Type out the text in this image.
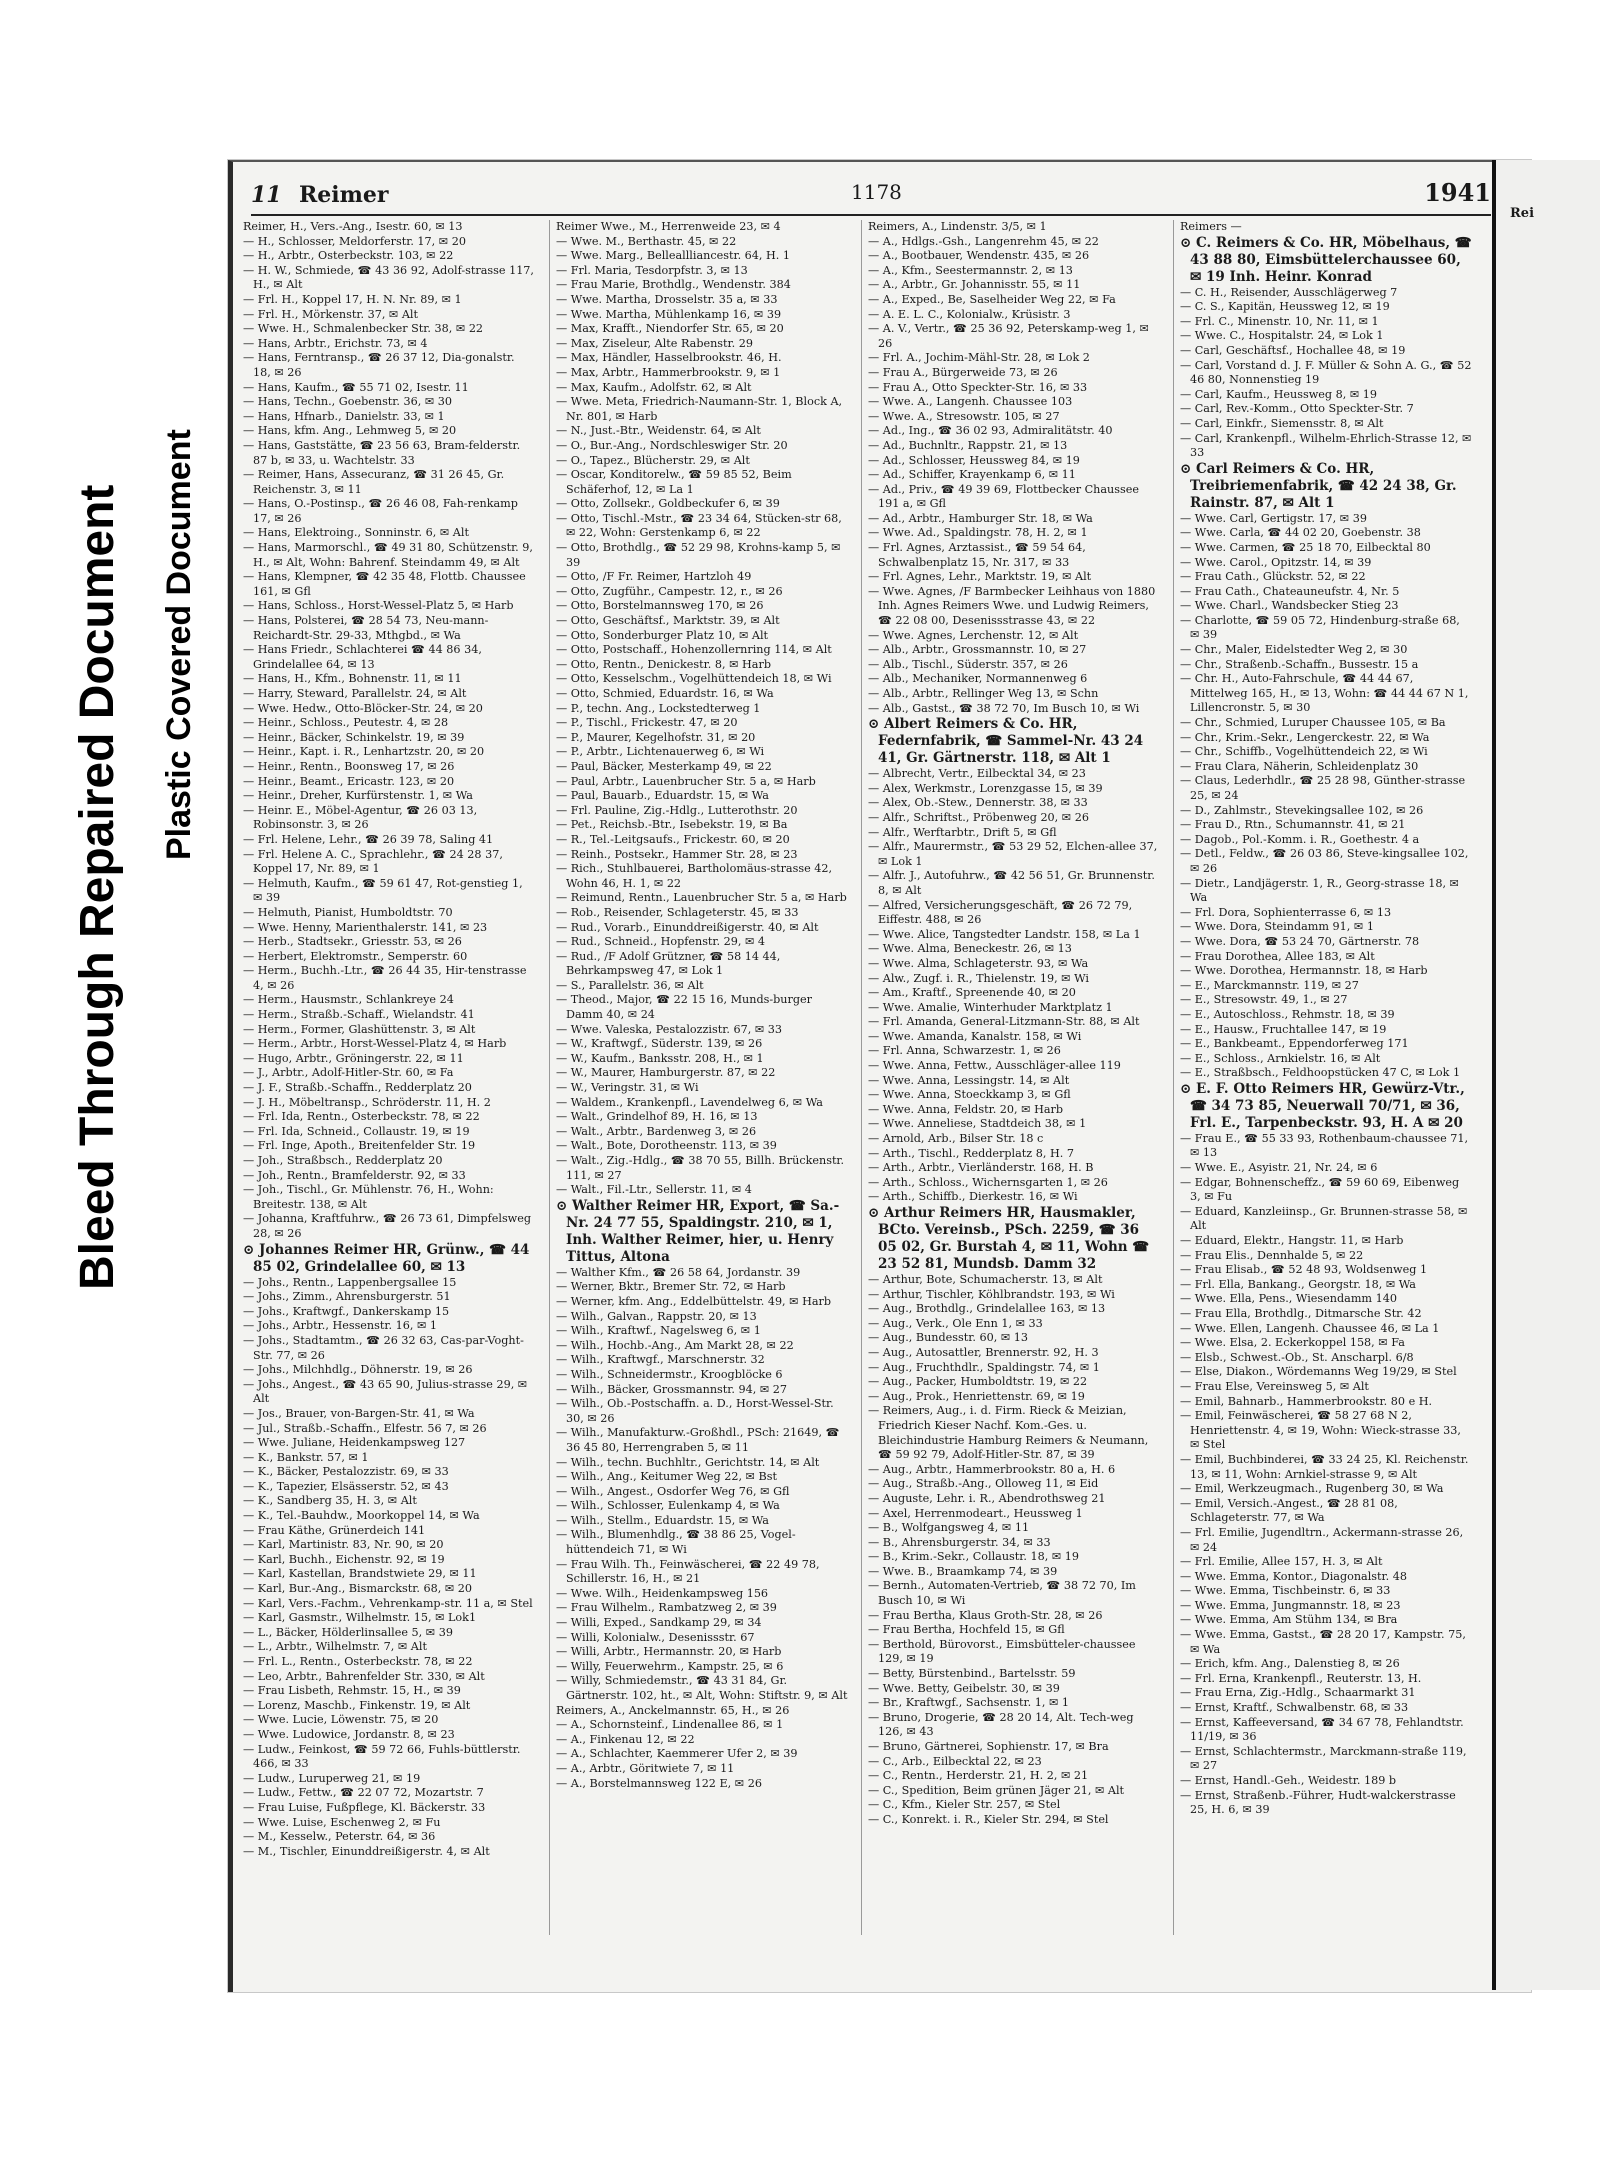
Bleed Through Repaired Document Plastic Covered Document
11 Reimer	1178	1941

Reimer, H., Vers.-Ang., Isestr. 60, ✉ 13

— H., Schlosser, Meldorferstr. 17, ✉ 20

— H., Arbtr., Osterbeckstr. 103, ✉ 22

— H. W., Schmiede, ☎ 43 36 92, Adolf-strasse 117, H., ✉ Alt

— Frl. H., Koppel 17, H. N. Nr. 89, ✉ 1

— Frl. H., Mörkenstr. 37, ✉ Alt

— Wwe. H., Schmalenbecker Str. 38, ✉ 22

— Hans, Arbtr., Erichstr. 73, ✉ 4

— Hans, Ferntransp., ☎ 26 37 12, Dia-gonalstr. 18, ✉ 26

— Hans, Kaufm., ☎ 55 71 02, Isestr. 11

— Hans, Techn., Goebenstr. 36, ✉ 30

— Hans, Hfnarb., Danielstr. 33, ✉ 1

— Hans, kfm. Ang., Lehmweg 5, ✉ 20

— Hans, Gaststätte, ☎ 23 56 63, Bram-felderstr. 87 b, ✉ 33, u. Wachtelstr. 33

— Reimer, Hans, Assecuranz, ☎ 31 26 45, Gr. Reichenstr. 3, ✉ 11

— Hans, O.-Postinsp., ☎ 26 46 08, Fah-renkamp 17, ✉ 26

— Hans, Elektroing., Sonninstr. 6, ✉ Alt

— Hans, Marmorschl., ☎ 49 31 80, Schützenstr. 9, H., ✉ Alt, Wohn: Bahrenf. Steindamm 49, ✉ Alt

— Hans, Klempner, ☎ 42 35 48, Flottb. Chaussee 161, ✉ Gfl

— Hans, Schloss., Horst-Wessel-Platz 5, ✉ Harb

— Hans, Polsterei, ☎ 28 54 73, Neu-mann-Reichardt-Str. 29-33, Mthgbd., ✉ Wa

— Hans Friedr., Schlachterei ☎ 44 86 34, Grindelallee 64, ✉ 13

— Hans, H., Kfm., Bohnenstr. 11, ✉ 11

— Harry, Steward, Parallelstr. 24, ✉ Alt

— Wwe. Hedw., Otto-Blöcker-Str. 24, ✉ 20

— Heinr., Schloss., Peutestr. 4, ✉ 28

— Heinr., Bäcker, Schinkelstr. 19, ✉ 39

— Heinr., Kapt. i. R., Lenhartzstr. 20, ✉ 20

— Heinr., Rentn., Boonsweg 17, ✉ 26

— Heinr., Beamt., Ericastr. 123, ✉ 20

— Heinr., Dreher, Kurfürstenstr. 1, ✉ Wa

— Heinr. E., Möbel-Agentur, ☎ 26 03 13, Robinsonstr. 3, ✉ 26

— Frl. Helene, Lehr., ☎ 26 39 78, Saling 41

— Frl. Helene A. C., Sprachlehr., ☎ 24 28 37, Koppel 17, Nr. 89, ✉ 1

— Helmuth, Kaufm., ☎ 59 61 47, Rot-genstieg 1, ✉ 39

— Helmuth, Pianist, Humboldtstr. 70

— Wwe. Henny, Marienthalerstr. 141, ✉ 23

— Herb., Stadtsekr., Griesstr. 53, ✉ 26

— Herbert, Elektromstr., Semperstr. 60

— Herm., Buchh.-Ltr., ☎ 26 44 35, Hir-tenstrasse 4, ✉ 26

— Herm., Hausmstr., Schlankreye 24

— Herm., Straßb.-Schaff., Wielandstr. 41

— Herm., Former, Glashüttenstr. 3, ✉ Alt

— Herm., Arbtr., Horst-Wessel-Platz 4, ✉ Harb

— Hugo, Arbtr., Gröningerstr. 22, ✉ 11

— J., Arbtr., Adolf-Hitler-Str. 60, ✉ Fa

— J. F., Straßb.-Schaffn., Redderplatz 20

— J. H., Möbeltransp., Schröderstr. 11, H. 2

— Frl. Ida, Rentn., Osterbeckstr. 78, ✉ 22

— Frl. Ida, Schneid., Collaustr. 19, ✉ 19

— Frl. Inge, Apoth., Breitenfelder Str. 19

— Joh., Straßbsch., Redderplatz 20

— Joh., Rentn., Bramfelderstr. 92, ✉ 33

— Joh., Tischl., Gr. Mühlenstr. 76, H., Wohn: Breitestr. 138, ✉ Alt

— Johanna, Kraftfuhrw., ☎ 26 73 61, Dimpfelsweg 28, ✉ 26

⊙ Johannes Reimer HR, Grünw., ☎ 44 85 02, Grindelallee 60, ✉ 13

— Johs., Rentn., Lappenbergsallee 15

— Johs., Zimm., Ahrensburgerstr. 51

— Johs., Kraftwgf., Dankerskamp 15

— Johs., Arbtr., Hessenstr. 16, ✉ 1

— Johs., Stadtamtm., ☎ 26 32 63, Cas-par-Voght-Str. 77, ✉ 26

— Johs., Milchhdlg., Döhnerstr. 19, ✉ 26

— Johs., Angest., ☎ 43 65 90, Julius-strasse 29, ✉ Alt

— Jos., Brauer, von-Bargen-Str. 41, ✉ Wa

— Jul., Straßb.-Schaffn., Elfestr. 56 7, ✉ 26

— Wwe. Juliane, Heidenkampsweg 127

— K., Bankstr. 57, ✉ 1

— K., Bäcker, Pestalozzistr. 69, ✉ 33

— K., Tapezier, Elsässerstr. 52, ✉ 43

— K., Sandberg 35, H. 3, ✉ Alt

— K., Tel.-Bauhdw., Moorkoppel 14, ✉ Wa

— Frau Käthe, Grünerdeich 141

— Karl, Martinistr. 83, Nr. 90, ✉ 20

— Karl, Buchh., Eichenstr. 92, ✉ 19

— Karl, Kastellan, Brandstwiete 29, ✉ 11

— Karl, Bur.-Ang., Bismarckstr. 68, ✉ 20

— Karl, Vers.-Fachm., Vehrenkamp-str. 11 a, ✉ Stel

— Karl, Gasmstr., Wilhelmstr. 15, ✉ Lok1

— L., Bäcker, Hölderlinsallee 5, ✉ 39

— L., Arbtr., Wilhelmstr. 7, ✉ Alt

— Frl. L., Rentn., Osterbeckstr. 78, ✉ 22

— Leo, Arbtr., Bahrenfelder Str. 330, ✉ Alt

— Frau Lisbeth, Rehmstr. 15, H., ✉ 39

— Lorenz, Maschb., Finkenstr. 19, ✉ Alt

— Wwe. Lucie, Löwenstr. 75, ✉ 20

— Wwe. Ludowice, Jordanstr. 8, ✉ 23

— Ludw., Feinkost, ☎ 59 72 66, Fuhls-büttlerstr. 466, ✉ 33

— Ludw., Luruperweg 21, ✉ 19

— Ludw., Fettw., ☎ 22 07 72, Mozartstr. 7

— Frau Luise, Fußpflege, Kl. Bäckerstr. 33

— Wwe. Luise, Eschenweg 2, ✉ Fu

— M., Kesselw., Peterstr. 64, ✉ 36

— M., Tischler, Einunddreißigerstr. 4, ✉ Alt

Reimer Wwe., M., Herrenweide 23, ✉ 4

— Wwe. M., Berthastr. 45, ✉ 22

— Wwe. Marg., Belleallliancestr. 64, H. 1

— Frl. Maria, Tesdorpfstr. 3, ✉ 13

— Frau Marie, Brothdlg., Wendenstr. 384

— Wwe. Martha, Drosselstr. 35 a, ✉ 33

— Wwe. Martha, Mühlenkamp 16, ✉ 39

— Max, Krafft., Niendorfer Str. 65, ✉ 20

— Max, Ziseleur, Alte Rabenstr. 29

— Max, Händler, Hasselbrookstr. 46, H.

— Max, Arbtr., Hammerbrookstr. 9, ✉ 1

— Max, Kaufm., Adolfstr. 62, ✉ Alt

— Wwe. Meta, Friedrich-Naumann-Str. 1, Block A, Nr. 801, ✉ Harb

— N., Just.-Btr., Weidenstr. 64, ✉ Alt

— O., Bur.-Ang., Nordschleswiger Str. 20

— O., Tapez., Blücherstr. 29, ✉ Alt

— Oscar, Konditorelw., ☎ 59 85 52, Beim Schäferhof, 12, ✉ La 1

— Otto, Zollsekr., Goldbeckufer 6, ✉ 39

— Otto, Tischl.-Mstr., ☎ 23 34 64, Stücken-str 68, ✉ 22, Wohn: Gerstenkamp 6, ✉ 22

— Otto, Brothdlg., ☎ 52 29 98, Krohns-kamp 5, ✉ 39

— Otto, ∕F Fr. Reimer, Hartzloh 49

— Otto, Zugführ., Campestr. 12, r., ✉ 26

— Otto, Borstelmannsweg 170, ✉ 26

— Otto, Geschäftsf., Marktstr. 39, ✉ Alt

— Otto, Sonderburger Platz 10, ✉ Alt

— Otto, Postschaff., Hohenzollernring 114, ✉ Alt

— Otto, Rentn., Denickestr. 8, ✉ Harb

— Otto, Kesselschm., Vogelhüttendeich 18, ✉ Wi

— Otto, Schmied, Eduardstr. 16, ✉ Wa

— P., techn. Ang., Lockstedterweg 1

— P., Tischl., Frickestr. 47, ✉ 20

— P., Maurer, Kegelhofstr. 31, ✉ 20

— P., Arbtr., Lichtenauerweg 6, ✉ Wi

— Paul, Bäcker, Mesterkamp 49, ✉ 22

— Paul, Arbtr., Lauenbrucher Str. 5 a, ✉ Harb

— Paul, Bauarb., Eduardstr. 15, ✉ Wa

— Frl. Pauline, Zig.-Hdlg., Lutterothstr. 20

— Pet., Reichsb.-Btr., Isebekstr. 19, ✉ Ba

— R., Tel.-Leitgsaufs., Frickestr. 60, ✉ 20

— Reinh., Postsekr., Hammer Str. 28, ✉ 23

— Rich., Stuhlbauerei, Bartholomäus-strasse 42, Wohn 46, H. 1, ✉ 22

— Reimund, Rentn., Lauenbrucher Str. 5 a, ✉ Harb

— Rob., Reisender, Schlageterstr. 45, ✉ 33

— Rud., Vorarb., Einunddreißigerstr. 40, ✉ Alt

— Rud., Schneid., Hopfenstr. 29, ✉ 4

— Rud., ∕F Adolf Grützner, ☎ 58 14 44, Behrkampsweg 47, ✉ Lok 1

— S., Parallelstr. 36, ✉ Alt

— Theod., Major, ☎ 22 15 16, Munds-burger Damm 40, ✉ 24

— Wwe. Valeska, Pestalozzistr. 67, ✉ 33

— W., Kraftwgf., Süderstr. 139, ✉ 26

— W., Kaufm., Banksstr. 208, H., ✉ 1

— W., Maurer, Hamburgerstr. 87, ✉ 22

— W., Veringstr. 31, ✉ Wi

— Waldem., Krankenpfl., Lavendelweg 6, ✉ Wa

— Walt., Grindelhof 89, H. 16, ✉ 13

— Walt., Arbtr., Bardenweg 3, ✉ 26

— Walt., Bote, Dorotheenstr. 113, ✉ 39

— Walt., Zig.-Hdlg., ☎ 38 70 55, Billh. Brückenstr. 111, ✉ 27

— Walt., Fil.-Ltr., Sellerstr. 11, ✉ 4

⊙ Walther Reimer HR, Export, ☎ Sa.-Nr. 24 77 55, Spaldingstr. 210, ✉ 1, Inh. Walther Reimer, hier, u. Henry Tittus, Altona

— Walther Kfm., ☎ 26 58 64, Jordanstr. 39

— Werner, Bktr., Bremer Str. 72, ✉ Harb

— Werner, kfm. Ang., Eddelbüttelstr. 49, ✉ Harb

— Wilh., Galvan., Rappstr. 20, ✉ 13

— Wilh., Kraftwf., Nagelsweg 6, ✉ 1

— Wilh., Hochb.-Ang., Am Markt 28, ✉ 22

— Wilh., Kraftwgf., Marschnerstr. 32

— Wilh., Schneidermstr., Kroogblöcke 6

— Wilh., Bäcker, Grossmannstr. 94, ✉ 27

— Wilh., Ob.-Postschaffn. a. D., Horst-Wessel-Str. 30, ✉ 26

— Wilh., Manufakturw.-Großhdl., PSch: 21649, ☎ 36 45 80, Herrengraben 5, ✉ 11

— Wilh., techn. Buchhltr., Gerichtstr. 14, ✉ Alt

— Wilh., Ang., Keitumer Weg 22, ✉ Bst

— Wilh., Angest., Osdorfer Weg 76, ✉ Gfl

— Wilh., Schlosser, Eulenkamp 4, ✉ Wa

— Wilh., Stellm., Eduardstr. 15, ✉ Wa

— Wilh., Blumenhdlg., ☎ 38 86 25, Vogel-hüttendeich 71, ✉ Wi

— Frau Wilh. Th., Feinwäscherei, ☎ 22 49 78, Schillerstr. 16, H., ✉ 21

— Wwe. Wilh., Heidenkampsweg 156

— Frau Wilhelm., Rambatzweg 2, ✉ 39

— Willi, Exped., Sandkamp 29, ✉ 34

— Willi, Kolonialw., Desenissstr. 67

— Willi, Arbtr., Hermannstr. 20, ✉ Harb

— Willy, Feuerwehrm., Kampstr. 25, ✉ 6

— Willy, Schmiedemstr., ☎ 43 31 84, Gr. Gärtnerstr. 102, ht., ✉ Alt, Wohn: Stiftstr. 9, ✉ Alt

Reimers, A., Anckelmannstr. 65, H., ✉ 26

— A., Schornsteinf., Lindenallee 86, ✉ 1

— A., Finkenau 12, ✉ 22

— A., Schlachter, Kaemmerer Ufer 2, ✉ 39

— A., Arbtr., Göritwiete 7, ✉ 11

— A., Borstelmannsweg 122 E, ✉ 26

Reimers, A., Lindenstr. 3/5, ✉ 1

— A., Hdlgs.-Gsh., Langenrehm 45, ✉ 22

— A., Bootbauer, Wendenstr. 435, ✉ 26

— A., Kfm., Seestermannstr. 2, ✉ 13

— A., Arbtr., Gr. Johannisstr. 55, ✉ 11

— A., Exped., Be, Saselheider Weg 22, ✉ Fa

— A. E. L. C., Kolonialw., Krüsistr. 3

— A. V., Vertr., ☎ 25 36 92, Peterskamp-weg 1, ✉ 26

— Frl. A., Jochim-Mähl-Str. 28, ✉ Lok 2

— Frau A., Bürgerweide 73, ✉ 26

— Frau A., Otto Speckter-Str. 16, ✉ 33

— Wwe. A., Langenh. Chaussee 103

— Wwe. A., Stresowstr. 105, ✉ 27

— Ad., Ing., ☎ 36 02 93, Admiralitätstr. 40

— Ad., Buchnltr., Rappstr. 21, ✉ 13

— Ad., Schlosser, Heussweg 84, ✉ 19

— Ad., Schiffer, Krayenkamp 6, ✉ 11

— Ad., Priv., ☎ 49 39 69, Flottbecker Chaussee 191 a, ✉ Gfl

— Ad., Arbtr., Hamburger Str. 18, ✉ Wa

— Wwe. Ad., Spaldingstr. 78, H. 2, ✉ 1

— Frl. Agnes, Arztassist., ☎ 59 54 64, Schwalbenplatz 15, Nr. 317, ✉ 33

— Frl. Agnes, Lehr., Marktstr. 19, ✉ Alt

— Wwe. Agnes, ∕F Barmbecker Leihhaus von 1880 Inh. Agnes Reimers Wwe. und Ludwig Reimers, ☎ 22 08 00, Desenissstrasse 43, ✉ 22

— Wwe. Agnes, Lerchenstr. 12, ✉ Alt

— Alb., Arbtr., Grossmannstr. 10, ✉ 27

— Alb., Tischl., Süderstr. 357, ✉ 26

— Alb., Mechaniker, Normannenweg 6

— Alb., Arbtr., Rellinger Weg 13, ✉ Schn

— Alb., Gastst., ☎ 38 72 70, Im Busch 10, ✉ Wi

⊙ Albert Reimers & Co. HR, Federnfabrik, ☎ Sammel-Nr. 43 24 41, Gr. Gärtnerstr. 118, ✉ Alt 1

— Albrecht, Vertr., Eilbecktal 34, ✉ 23

— Alex, Werkmstr., Lorenzgasse 15, ✉ 39

— Alex, Ob.-Stew., Dennerstr. 38, ✉ 33

— Alfr., Schriftst., Pröbenweg 20, ✉ 26

— Alfr., Werftarbtr., Drift 5, ✉ Gfl

— Alfr., Maurermstr., ☎ 53 29 52, Elchen-allee 37, ✉ Lok 1

— Alfr. J., Autofuhrw., ☎ 42 56 51, Gr. Brunnenstr. 8, ✉ Alt

— Alfred, Versicherungsgeschäft, ☎ 26 72 79, Eiffestr. 488, ✉ 26

— Wwe. Alice, Tangstedter Landstr. 158, ✉ La 1

— Wwe. Alma, Beneckestr. 26, ✉ 13

— Wwe. Alma, Schlageterstr. 93, ✉ Wa

— Alw., Zugf. i. R., Thielenstr. 19, ✉ Wi

— Am., Kraftf., Spreenende 40, ✉ 20

— Wwe. Amalie, Winterhuder Marktplatz 1

— Frl. Amanda, General-Litzmann-Str. 88, ✉ Alt

— Wwe. Amanda, Kanalstr. 158, ✉ Wi

— Frl. Anna, Schwarzestr. 1, ✉ 26

— Wwe. Anna, Fettw., Ausschläger-allee 119

— Wwe. Anna, Lessingstr. 14, ✉ Alt

— Wwe. Anna, Stoeckkamp 3, ✉ Gfl

— Wwe. Anna, Feldstr. 20, ✉ Harb

— Wwe. Anneliese, Stadtdeich 38, ✉ 1

— Arnold, Arb., Bilser Str. 18 c

— Arth., Tischl., Redderplatz 8, H. 7

— Arth., Arbtr., Vierländerstr. 168, H. B

— Arth., Schloss., Wichernsgarten 1, ✉ 26

— Arth., Schiffb., Dierkestr. 16, ✉ Wi

⊙ Arthur Reimers HR, Hausmakler, BCto. Vereinsb., PSch. 2259, ☎ 36 05 02, Gr. Burstah 4, ✉ 11, Wohn ☎ 23 52 81, Mundsb. Damm 32

— Arthur, Bote, Schumacherstr. 13, ✉ Alt

— Arthur, Tischler, Köhlbrandstr. 193, ✉ Wi

— Aug., Brothdlg., Grindelallee 163, ✉ 13

— Aug., Verk., Ole Enn 1, ✉ 33

— Aug., Bundesstr. 60, ✉ 13

— Aug., Autosattler, Brennerstr. 92, H. 3

— Aug., Fruchthdlr., Spaldingstr. 74, ✉ 1

— Aug., Packer, Humboldtstr. 19, ✉ 22

— Aug., Prok., Henriettenstr. 69, ✉ 19

— Reimers, Aug., i. d. Firm. Rieck & Meizian, Friedrich Kieser Nachf. Kom.-Ges. u. Bleichindustrie Hamburg Reimers & Neumann, ☎ 59 92 79, Adolf-Hitler-Str. 87, ✉ 39

— Aug., Arbtr., Hammerbrookstr. 80 a, H. 6

— Aug., Straßb.-Ang., Olloweg 11, ✉ Eid

— Auguste, Lehr. i. R., Abendrothsweg 21

— Axel, Herrenmodeart., Heussweg 1

— B., Wolfgangsweg 4, ✉ 11

— B., Ahrensburgerstr. 34, ✉ 33

— B., Krim.-Sekr., Collaustr. 18, ✉ 19

— Wwe. B., Braamkamp 74, ✉ 39

— Bernh., Automaten-Vertrieb, ☎ 38 72 70, Im Busch 10, ✉ Wi

— Frau Bertha, Klaus Groth-Str. 28, ✉ 26

— Frau Bertha, Hochfeld 15, ✉ Gfl

— Berthold, Bürovorst., Eimsbütteler-chaussee 129, ✉ 19

— Betty, Bürstenbind., Bartelsstr. 59

— Wwe. Betty, Geibelstr. 30, ✉ 39

— Br., Kraftwgf., Sachsenstr. 1, ✉ 1

— Bruno, Drogerie, ☎ 28 20 14, Alt. Tech-weg 126, ✉ 43

— Bruno, Gärtnerei, Sophienstr. 17, ✉ Bra

— C., Arb., Eilbecktal 22, ✉ 23

— C., Rentn., Herderstr. 21, H. 2, ✉ 21

— C., Spedition, Beim grünen Jäger 21, ✉ Alt

— C., Kfm., Kieler Str. 257, ✉ Stel

— C., Konrekt. i. R., Kieler Str. 294, ✉ Stel

Reimers —

⊙ C. Reimers & Co. HR, Möbelhaus, ☎ 43 88 80, Eimsbüttelerchaussee 60, ✉ 19 Inh. Heinr. Konrad

— C. H., Reisender, Ausschlägerweg 7

— C. S., Kapitän, Heussweg 12, ✉ 19

— Frl. C., Minenstr. 10, Nr. 11, ✉ 1

— Wwe. C., Hospitalstr. 24, ✉ Lok 1

— Carl, Geschäftsf., Hochallee 48, ✉ 19

— Carl, Vorstand d. J. F. Müller & Sohn A. G., ☎ 52 46 80, Nonnenstieg 19

— Carl, Kaufm., Heussweg 8, ✉ 19

— Carl, Rev.-Komm., Otto Speckter-Str. 7

— Carl, Einkfr., Siemensstr. 8, ✉ Alt

— Carl, Krankenpfl., Wilhelm-Ehrlich-Strasse 12, ✉ 33

⊙ Carl Reimers & Co. HR, Treibriemenfabrik, ☎ 42 24 38, Gr. Rainstr. 87, ✉ Alt 1

— Wwe. Carl, Gertigstr. 17, ✉ 39

— Wwe. Carla, ☎ 44 02 20, Goebenstr. 38

— Wwe. Carmen, ☎ 25 18 70, Eilbecktal 80

— Wwe. Carol., Opitzstr. 14, ✉ 39

— Frau Cath., Glückstr. 52, ✉ 22

— Frau Cath., Chateauneufstr. 4, Nr. 5

— Wwe. Charl., Wandsbecker Stieg 23

— Charlotte, ☎ 59 05 72, Hindenburg-straße 68, ✉ 39

— Chr., Maler, Eidelstedter Weg 2, ✉ 30

— Chr., Straßenb.-Schaffn., Bussestr. 15 a

— Chr. H., Auto-Fahrschule, ☎ 44 44 67, Mittelweg 165, H., ✉ 13, Wohn: ☎ 44 44 67 N 1, Lillencronstr. 5, ✉ 30

— Chr., Schmied, Luruper Chaussee 105, ✉ Ba

— Chr., Krim.-Sekr., Lengerckestr. 22, ✉ Wa

— Chr., Schiffb., Vogelhüttendeich 22, ✉ Wi

— Frau Clara, Näherin, Schleidenplatz 30

— Claus, Lederhdlr., ☎ 25 28 98, Günther-strasse 25, ✉ 24

— D., Zahlmstr., Stevekingsallee 102, ✉ 26

— Frau D., Rtn., Schumannstr. 41, ✉ 21

— Dagob., Pol.-Komm. i. R., Goethestr. 4 a

— Detl., Feldw., ☎ 26 03 86, Steve-kingsallee 102, ✉ 26

— Dietr., Landjägerstr. 1, R., Georg-strasse 18, ✉ Wa

— Frl. Dora, Sophienterrasse 6, ✉ 13

— Wwe. Dora, Steindamm 91, ✉ 1

— Wwe. Dora, ☎ 53 24 70, Gärtnerstr. 78

— Frau Dorothea, Allee 183, ✉ Alt

— Wwe. Dorothea, Hermannstr. 18, ✉ Harb

— E., Marckmannstr. 119, ✉ 27

— E., Stresowstr. 49, 1., ✉ 27

— E., Autoschloss., Rehmstr. 18, ✉ 39

— E., Hausw., Fruchtallee 147, ✉ 19

— E., Bankbeamt., Eppendorferweg 171

— E., Schloss., Arnkielstr. 16, ✉ Alt

— E., Straßbsch., Feldhoopstücken 47 C, ✉ Lok 1

⊙ E. F. Otto Reimers HR, Gewürz-Vtr., ☎ 34 73 85, Neuerwall 70/71, ✉ 36, Frl. E., Tarpenbeckstr. 93, H. A ✉ 20

— Frau E., ☎ 55 33 93, Rothenbaum-chaussee 71, ✉ 13

— Wwe. E., Asyistr. 21, Nr. 24, ✉ 6

— Edgar, Bohnenscheffz., ☎ 59 60 69, Eibenweg 3, ✉ Fu

— Eduard, Kanzleiinsp., Gr. Brunnen-strasse 58, ✉ Alt

— Eduard, Elektr., Hangstr. 11, ✉ Harb

— Frau Elis., Dennhalde 5, ✉ 22

— Frau Elisab., ☎ 52 48 93, Woldsenweg 1

— Frl. Ella, Bankang., Georgstr. 18, ✉ Wa

— Wwe. Ella, Pens., Wiesendamm 140

— Frau Ella, Brothdlg., Ditmarsche Str. 42

— Wwe. Ellen, Langenh. Chaussee 46, ✉ La 1

— Wwe. Elsa, 2. Eckerkoppel 158, ✉ Fa

— Elsb., Schwest.-Ob., St. Anscharpl. 6/8

— Else, Diakon., Wördemanns Weg 19/29, ✉ Stel

— Frau Else, Vereinsweg 5, ✉ Alt

— Emil, Bahnarb., Hammerbrookstr. 80 e H.

— Emil, Feinwäscherei, ☎ 58 27 68 N 2, Henriettenstr. 4, ✉ 19, Wohn: Wieck-strasse 33, ✉ Stel

— Emil, Buchbinderei, ☎ 33 24 25, Kl. Reichenstr. 13, ✉ 11, Wohn: Arnkiel-strasse 9, ✉ Alt

— Emil, Werkzeugmach., Rugenberg 30, ✉ Wa

— Emil, Versich.-Angest., ☎ 28 81 08, Schlageterstr. 77, ✉ Wa

— Frl. Emilie, Jugendltrn., Ackermann-strasse 26, ✉ 24

— Frl. Emilie, Allee 157, H. 3, ✉ Alt

— Wwe. Emma, Kontor., Diagonalstr. 48

— Wwe. Emma, Tischbeinstr. 6, ✉ 33

— Wwe. Emma, Jungmannstr. 18, ✉ 23

— Wwe. Emma, Am Stühm 134, ✉ Bra

— Wwe. Emma, Gastst., ☎ 28 20 17, Kampstr. 75, ✉ Wa

— Erich, kfm. Ang., Dalenstieg 8, ✉ 26

— Frl. Erna, Krankenpfl., Reuterstr. 13, H.

— Frau Erna, Zig.-Hdlg., Schaarmarkt 31

— Ernst, Kraftf., Schwalbenstr. 68, ✉ 33

— Ernst, Kaffeeversand, ☎ 34 67 78, Fehlandtstr. 11/19, ✉ 36

— Ernst, Schlachtermstr., Marckmann-straße 119, ✉ 27

— Ernst, Handl.-Geh., Weidestr. 189 b

— Ernst, Straßenb.-Führer, Hudt-walckerstrasse 25, H. 6, ✉ 39

Rei
